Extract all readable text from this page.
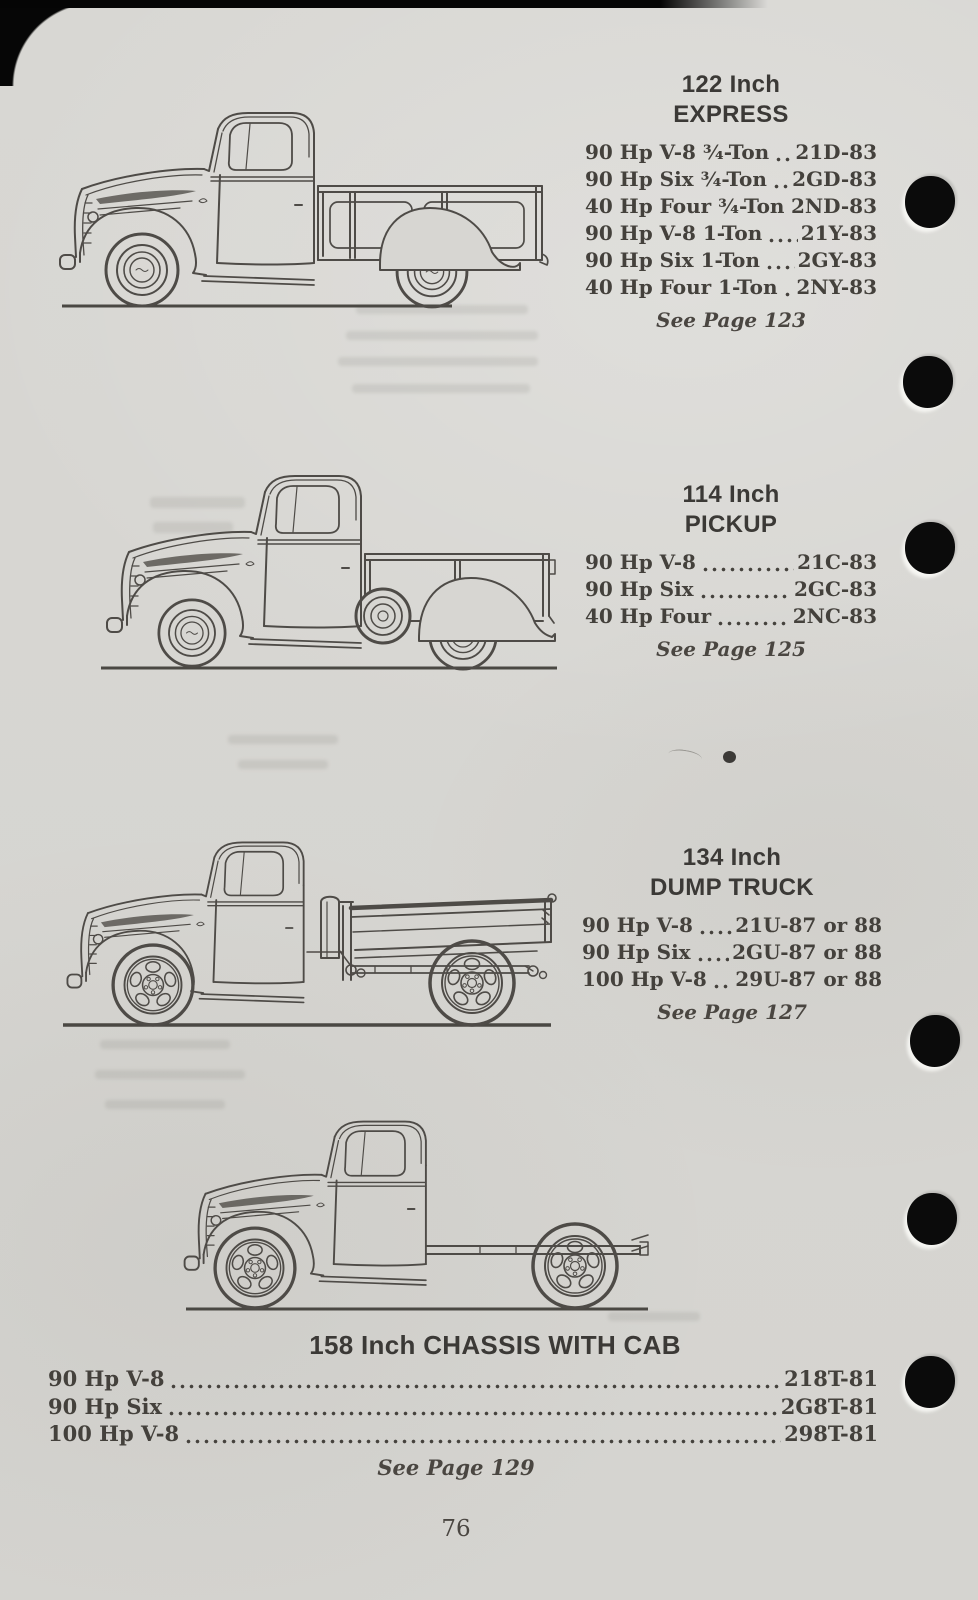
122 Inch
EXPRESS
90 Hp V-8 ¾-Ton 21D-83
90 Hp Six ¾-Ton 2GD-83
40 Hp Four ¾-Ton 2ND-83
90 Hp V-8 1-Ton 21Y-83
90 Hp Six 1-Ton 2GY-83
40 Hp Four 1-Ton 2NY-83
See Page 123
114 Inch
PICKUP
90 Hp V-8	21C-83
90 Hp Six	2GC-83
40 Hp Four	2NC-83
See Page 125
134 Inch
DUMP TRUCK
90 Hp V-8 21U-87 or 88
90 Hp Six 2GU-87 or 88
100 Hp V-8 29U-87 or 88
See Page 127
158 Inch CHASSIS WITH CAB
90 Hp V-8	218T-81
90 Hp Six	2G8T-81
100 Hp V-8	298T-81
See Page 129
76
